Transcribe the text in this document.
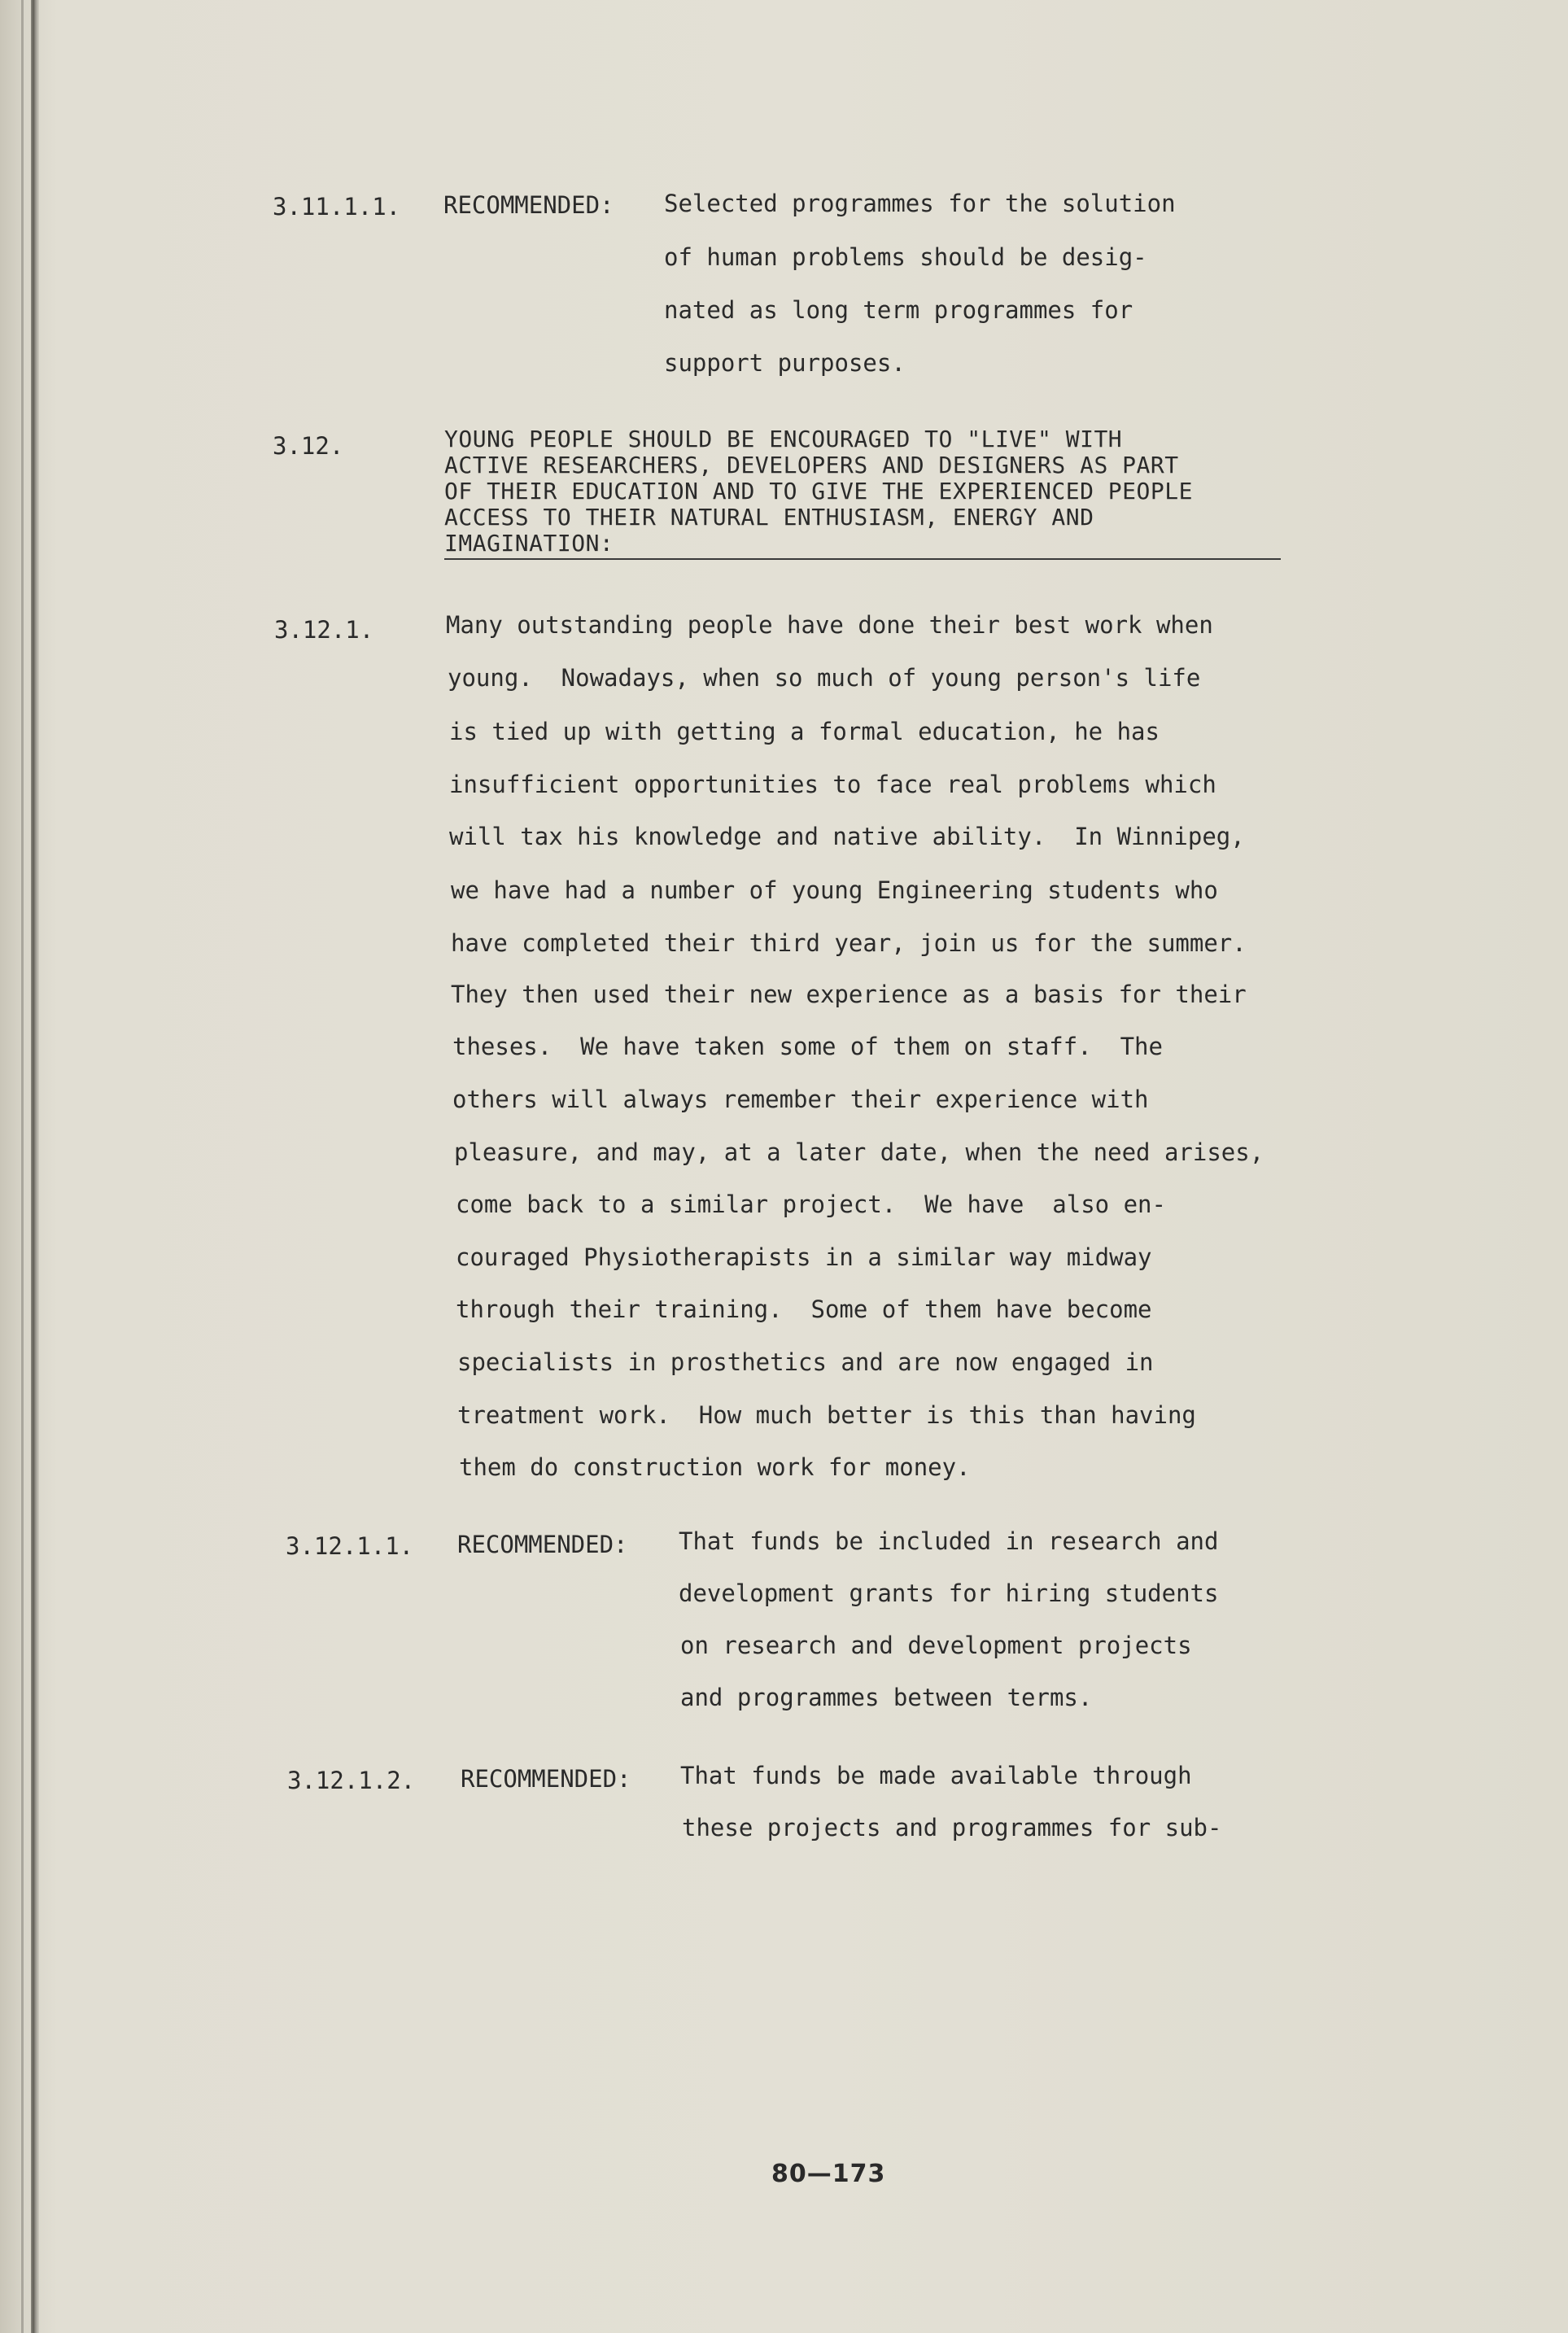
3.11.1.1. RECOMMENDED: Selected programmes for the solution
of human problems should be desig-
nated as long term programmes for
support purposes.
3.12.	YOUNG PEOPLE SHOULD BE ENCOURAGED TO "LIVE" WITH
ACTIVE RESEARCHERS, DEVELOPERS AND DESIGNERS AS PART
OF THEIR EDUCATION AND TO GIVE THE EXPERIENCED PEOPLE
ACCESS TO THEIR NATURAL ENTHUSIASM, ENERGY AND
IMAGINATION:
3.12.1.	Many outstanding people have done their best work when
young.  Nowadays, when so much of young person's life
is tied up with getting a formal education, he has
insufficient opportunities to face real problems which
will tax his knowledge and native ability.  In Winnipeg,
we have had a number of young Engineering students who
have completed their third year, join us for the summer.
They then used their new experience as a basis for their
theses.  We have taken some of them on staff.  The
others will always remember their experience with
pleasure, and may, at a later date, when the need arises,
come back to a similar project.  We have  also en-
couraged Physiotherapists in a similar way midway
through their training.  Some of them have become
specialists in prosthetics and are now engaged in
treatment work.  How much better is this than having
them do construction work for money.
3.12.1.1. RECOMMENDED: That funds be included in research and
development grants for hiring students
on research and development projects
and programmes between terms.
3.12.1.2. RECOMMENDED: That funds be made available through
these projects and programmes for sub-
80—173
